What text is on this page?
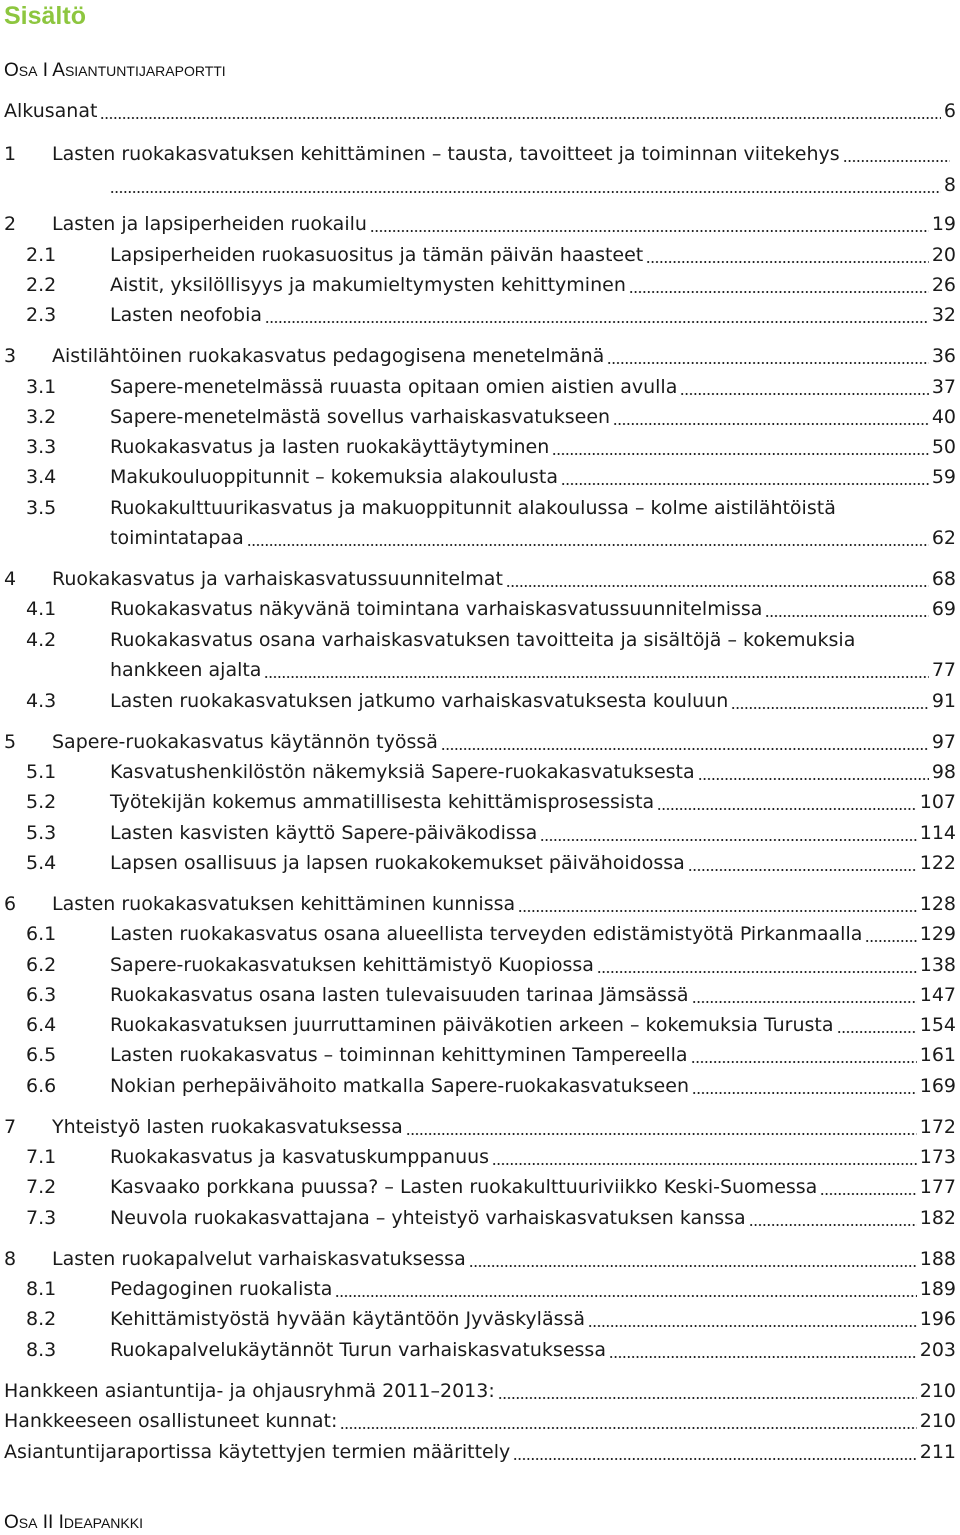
Sisältö
OSA I ASIANTUNTIJARAPORTTI
Alkusanat	6
1 Lasten ruokakasvatuksen kehittäminen – tausta, tavoitteet ja toiminnan viitekehys
8
2 Lasten ja lapsiperheiden ruokailu	19
2.1	Lapsiperheiden ruokasuositus ja tämän päivän haasteet	20
2.2	Aistit, yksilöllisyys ja makumieltymysten kehittyminen	26
2.3	Lasten neofobia	32
3 Aistilähtöinen ruokakasvatus pedagogisena menetelmänä	36
3.1	Sapere-menetelmässä ruuasta opitaan omien aistien avulla	37
3.2	Sapere-menetelmästä sovellus varhaiskasvatukseen	40
3.3	Ruokakasvatus ja lasten ruokakäyttäytyminen	50
3.4	Makukouluoppitunnit – kokemuksia alakoulusta	59
3.5	Ruokakulttuurikasvatus ja makuoppitunnit alakoulussa – kolme aistilähtöistä
toimintatapaa	62
4 Ruokakasvatus ja varhaiskasvatussuunnitelmat	68
4.1	Ruokakasvatus näkyvänä toimintana varhaiskasvatussuunnitelmissa	69
4.2	Ruokakasvatus osana varhaiskasvatuksen tavoitteita ja sisältöjä – kokemuksia
hankkeen ajalta	77
4.3	Lasten ruokakasvatuksen jatkumo varhaiskasvatuksesta kouluun	91
5 Sapere-ruokakasvatus käytännön työssä	97
5.1	Kasvatushenkilöstön näkemyksiä Sapere-ruokakasvatuksesta	98
5.2	Työtekijän kokemus ammatillisesta kehittämisprosessista	107
5.3	Lasten kasvisten käyttö Sapere-päiväkodissa	114
5.4	Lapsen osallisuus ja lapsen ruokakokemukset päivähoidossa	122
6 Lasten ruokakasvatuksen kehittäminen kunnissa	128
6.1	Lasten ruokakasvatus osana alueellista terveyden edistämistyötä Pirkanmaalla	129
6.2	Sapere-ruokakasvatuksen kehittämistyö Kuopiossa	138
6.3	Ruokakasvatus osana lasten tulevaisuuden tarinaa Jämsässä	147
6.4	Ruokakasvatuksen juurruttaminen päiväkotien arkeen – kokemuksia Turusta	154
6.5	Lasten ruokakasvatus – toiminnan kehittyminen Tampereella	161
6.6	Nokian perhepäivähoito matkalla Sapere-ruokakasvatukseen	169
7 Yhteistyö lasten ruokakasvatuksessa	172
7.1	Ruokakasvatus ja kasvatuskumppanuus	173
7.2	Kasvaako porkkana puussa? – Lasten ruokakulttuuriviikko Keski-Suomessa	177
7.3	Neuvola ruokakasvattajana – yhteistyö varhaiskasvatuksen kanssa	182
8 Lasten ruokapalvelut varhaiskasvatuksessa	188
8.1	Pedagoginen ruokalista	189
8.2	Kehittämistyöstä hyvään käytäntöön Jyväskylässä	196
8.3	Ruokapalvelukäytännöt Turun varhaiskasvatuksessa	203
Hankkeen asiantuntija- ja ohjausryhmä 2011–2013:	210
Hankkeeseen osallistuneet kunnat:	210
Asiantuntijaraportissa käytettyjen termien määrittely	211
OSA II IDEAPANKKI
